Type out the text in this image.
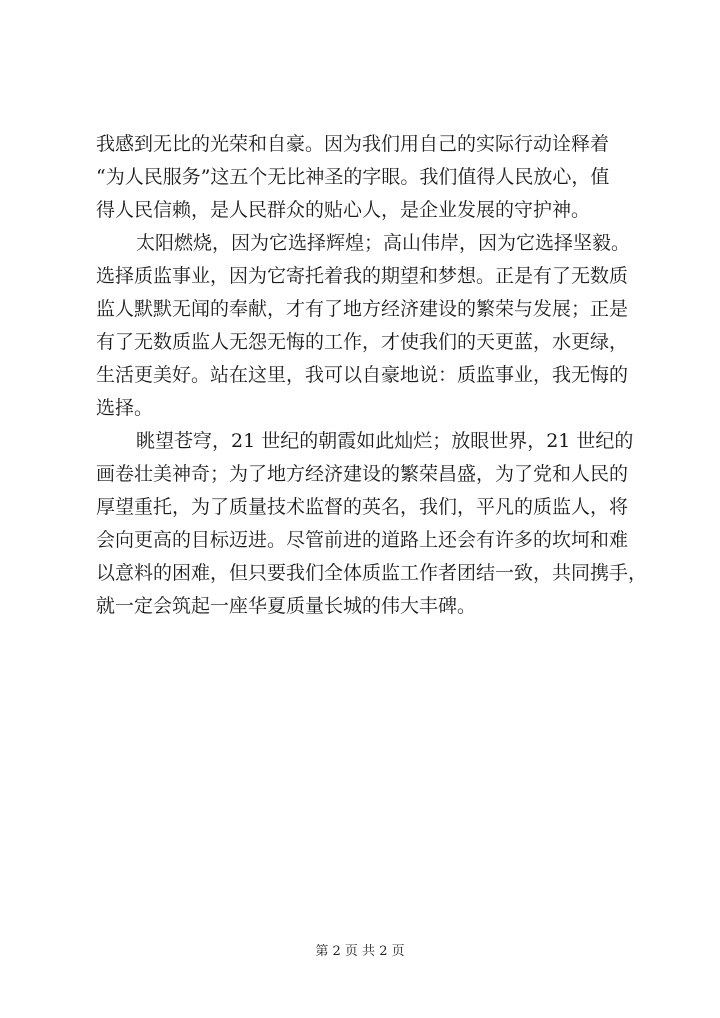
我感到无比的光荣和自豪。因为我们用自己的实际行动诠释着
“为人民服务”这五个无比神圣的字眼。我们值得人民放心，值
得人民信赖，是人民群众的贴心人，是企业发展的守护神。
太阳燃烧，因为它选择辉煌；高山伟岸，因为它选择坚毅。
选择质监事业，因为它寄托着我的期望和梦想。正是有了无数质
监人默默无闻的奉献，才有了地方经济建设的繁荣与发展；正是
有了无数质监人无怨无悔的工作，才使我们的天更蓝，水更绿，
生活更美好。站在这里，我可以自豪地说：质监事业，我无悔的
选择。
眺望苍穹，21 世纪的朝霞如此灿烂；放眼世界，21 世纪的
画卷壮美神奇；为了地方经济建设的繁荣昌盛，为了党和人民的
厚望重托，为了质量技术监督的英名，我们，平凡的质监人，将
会向更高的目标迈进。尽管前进的道路上还会有许多的坎坷和难
以意料的困难，但只要我们全体质监工作者团结一致，共同携手，
就一定会筑起一座华夏质量长城的伟大丰碑。
第 2 页 共 2 页
